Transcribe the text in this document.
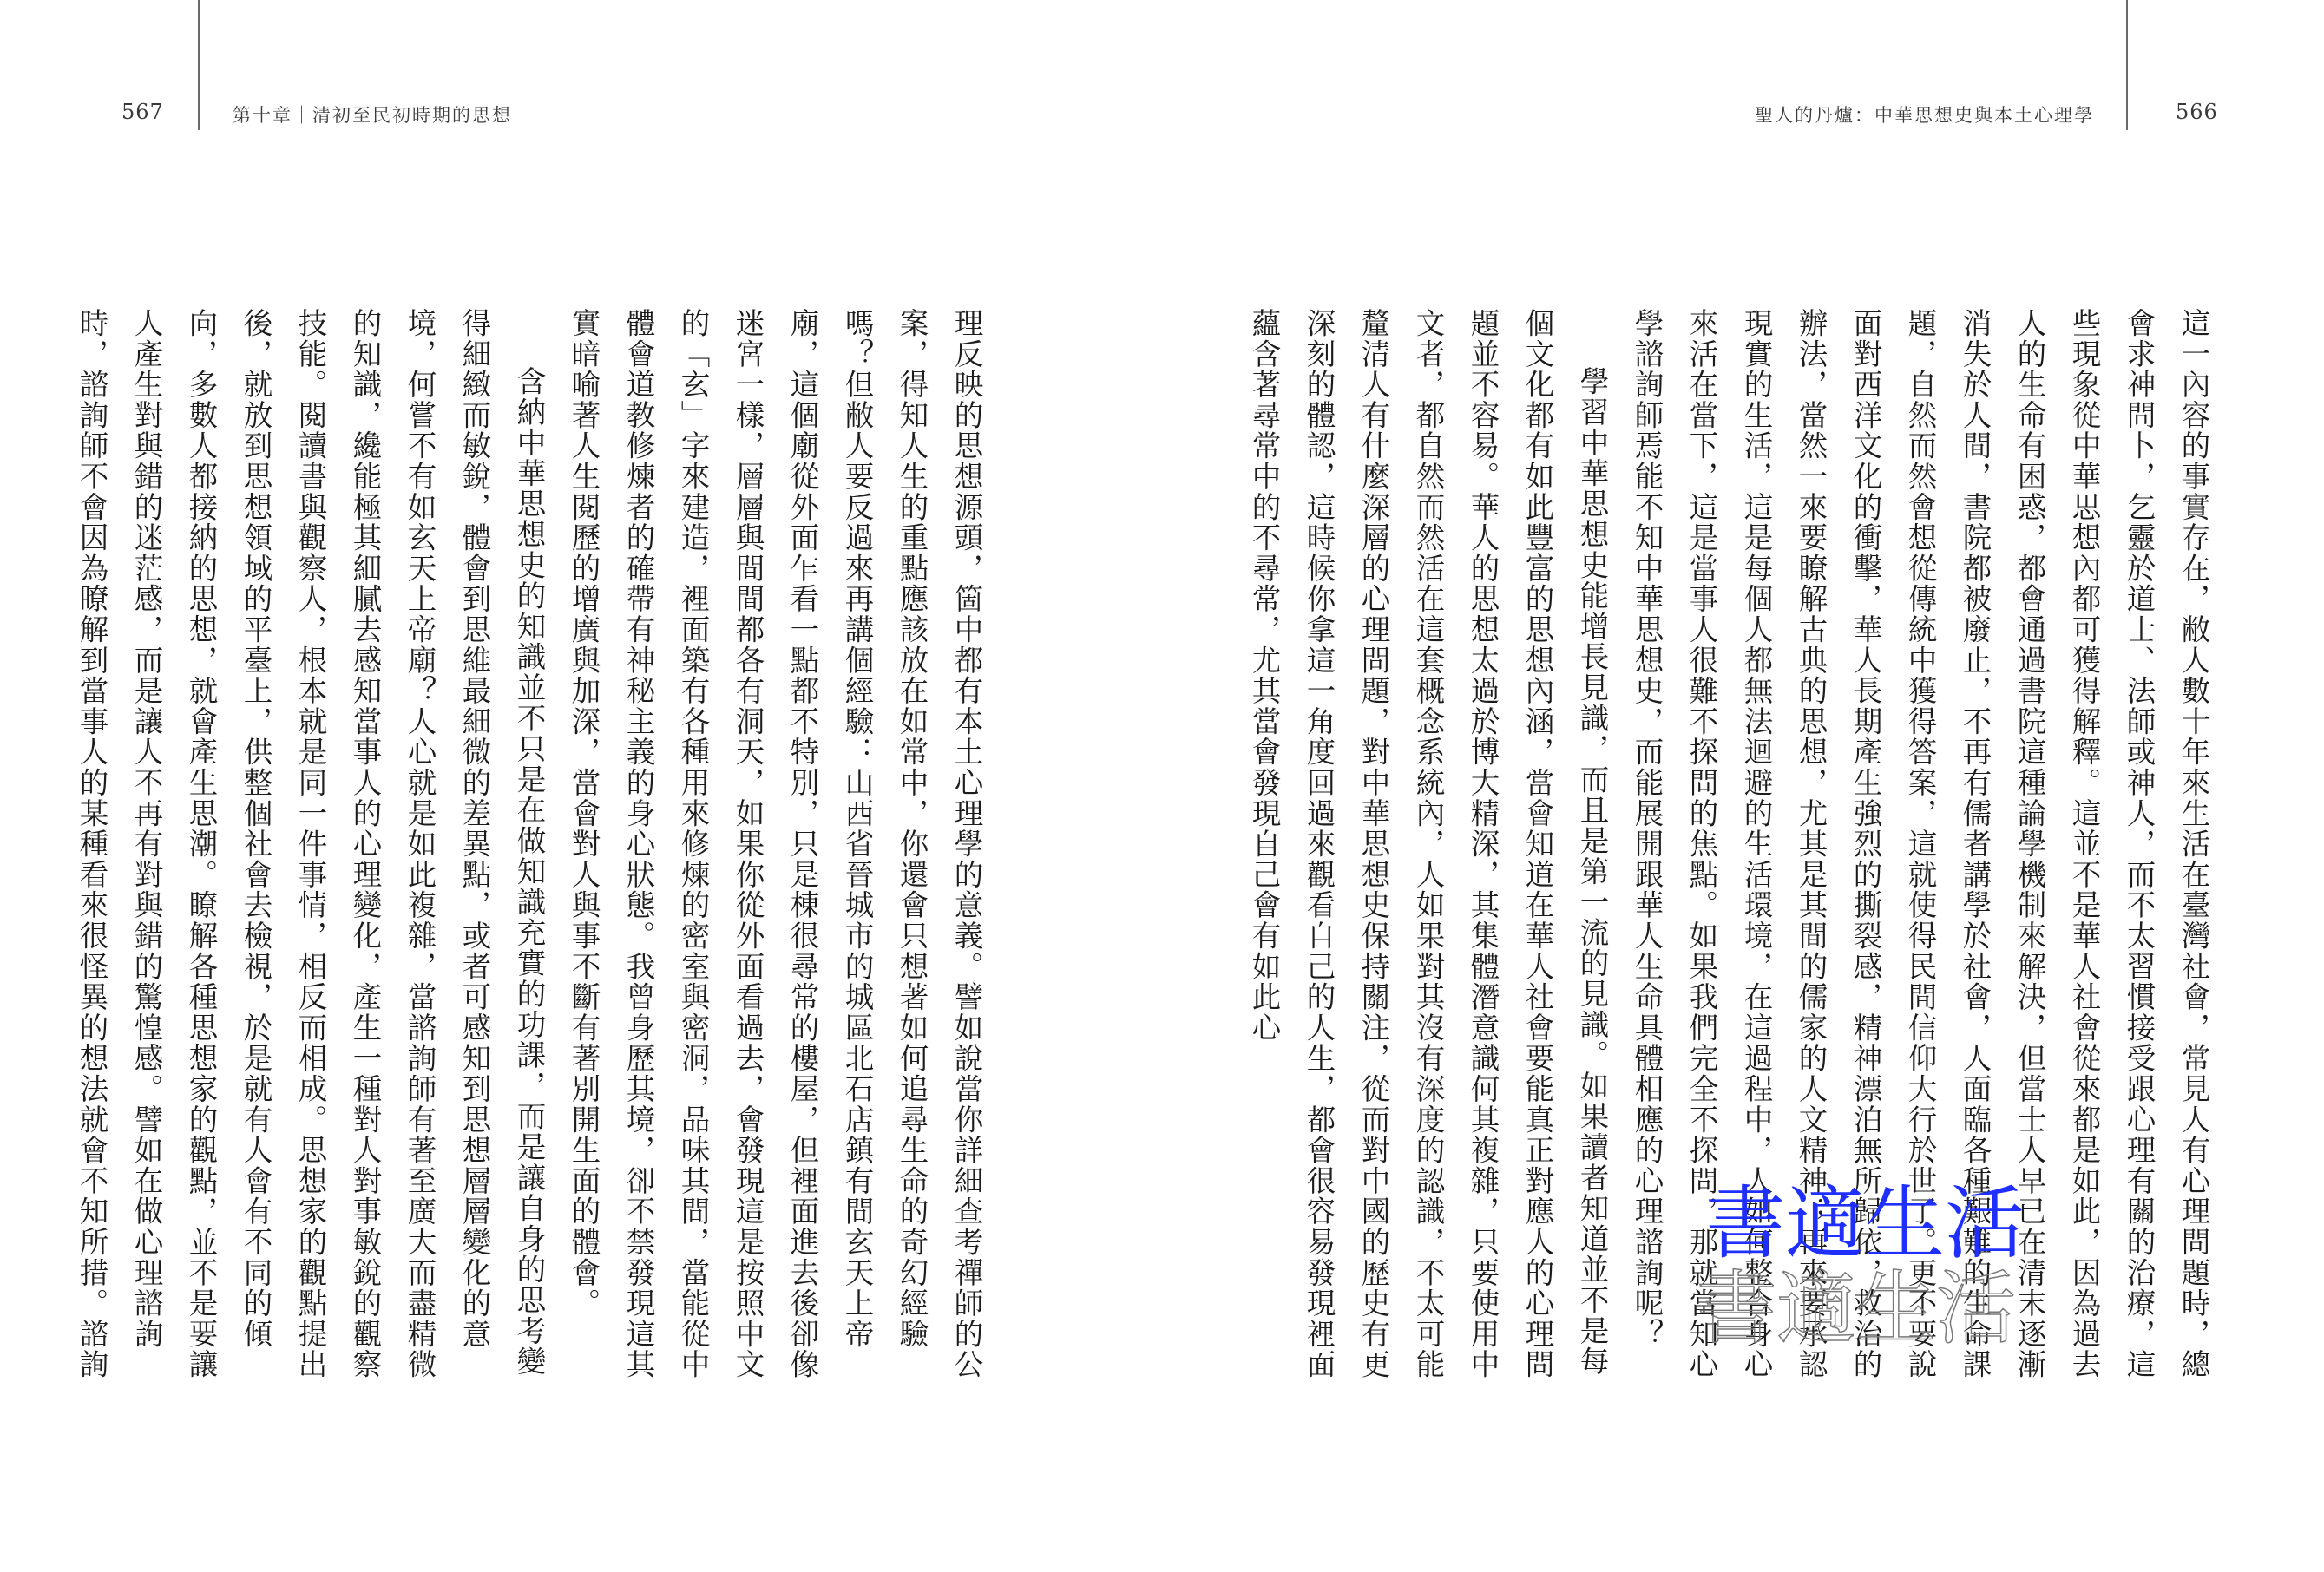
567	第十章｜清初至民初時期的思想

理反映的思想源頭，箇中都有本土心理學的意義。譬如說當你詳細查考禪師的公案，得知人生的重點應該放在如常中，你還會只想著如何追尋生命的奇幻經驗嗎？但敝人要反過來再講個經驗：山西省晉城市的城區北石店鎮有間玄天上帝廟，這個廟從外面乍看一點都不特別，只是棟很尋常的樓屋，但裡面進去後卻像迷宮一樣，層層與間間都各有洞天，如果你從外面看過去，會發現這是按照中文的「玄」字來建造，裡面築有各種用來修煉的密室與密洞，品味其間，當能從中體會道教修煉者的確帶有神秘主義的身心狀態。我曾身歷其境，卻不禁發現這其實暗喻著人生閱歷的增廣與加深，當會對人與事不斷有著別開生面的體會。

含納中華思想史的知識並不只是在做知識充實的功課，而是讓自身的思考變得細緻而敏銳，體會到思維最細微的差異點，或者可感知到思想層層變化的意境，何嘗不有如玄天上帝廟？人心就是如此複雜，當諮詢師有著至廣大而盡精微的知識，纔能極其細膩去感知當事人的心理變化，產生一種對人對事敏銳的觀察技能。閱讀書與觀察人，根本就是同一件事情，相反而相成。思想家的觀點提出後，就放到思想領域的平臺上，供整個社會去檢視，於是就有人會有不同的傾向，多數人都接納的思想，就會產生思潮。瞭解各種思想家的觀點，並不是要讓人產生對與錯的迷茫感，而是讓人不再有對與錯的驚惶感。譬如在做心理諮詢時，諮詢師不會因為瞭解到當事人的某種看來很怪異的想法就會不知所措。諮詢

聖人的丹爐：中華思想史與本土心理學	566

這一內容的事實存在，敝人數十年來生活在臺灣社會，常見人有心理問題時，總會求神問卜，乞靈於道士、法師或神人，而不太習慣接受跟心理有關的治療，這些現象從中華思想內都可獲得解釋。這並不是華人社會從來都是如此，因為過去人的生命有困惑，都會通過書院這種論學機制來解決，但當士人早已在清末逐漸消失於人間，書院都被廢止，不再有儒者講學於社會，人面臨各種艱難的生命課題，自然而然會想從傳統中獲得答案，這就使得民間信仰大行於世了。更不要說面對西洋文化的衝擊，華人長期產生強烈的撕裂感，精神漂泊無所歸依，救治的辦法，當然一來要瞭解古典的思想，尤其是其間的儒家的人文精神；再來要承認現實的生活，這是每個人都無法迴避的生活環境，在這過程中，人如何整合身心來活在當下，這是當事人很難不探問的焦點。如果我們完全不探問，那就當知心學諮詢師焉能不知中華思想史，而能展開跟華人生命具體相應的心理諮詢呢？

學習中華思想史能增長見識，而且是第一流的見識。如果讀者知道並不是每個文化都有如此豐富的思想內涵，當會知道在華人社會要能真正對應人的心理問題並不容易。華人的思想太過於博大精深，其集體潛意識何其複雜，只要使用中文者，都自然而然活在這套概念系統內，人如果對其沒有深度的認識，不太可能釐清人有什麼深層的心理問題，對中華思想史保持關注，從而對中國的歷史有更深刻的體認，這時候你拿這一角度回過來觀看自己的人生，都會很容易發現裡面蘊含著尋常中的不尋常，尤其當會發現自己會有如此心

書適生活
書適生活
